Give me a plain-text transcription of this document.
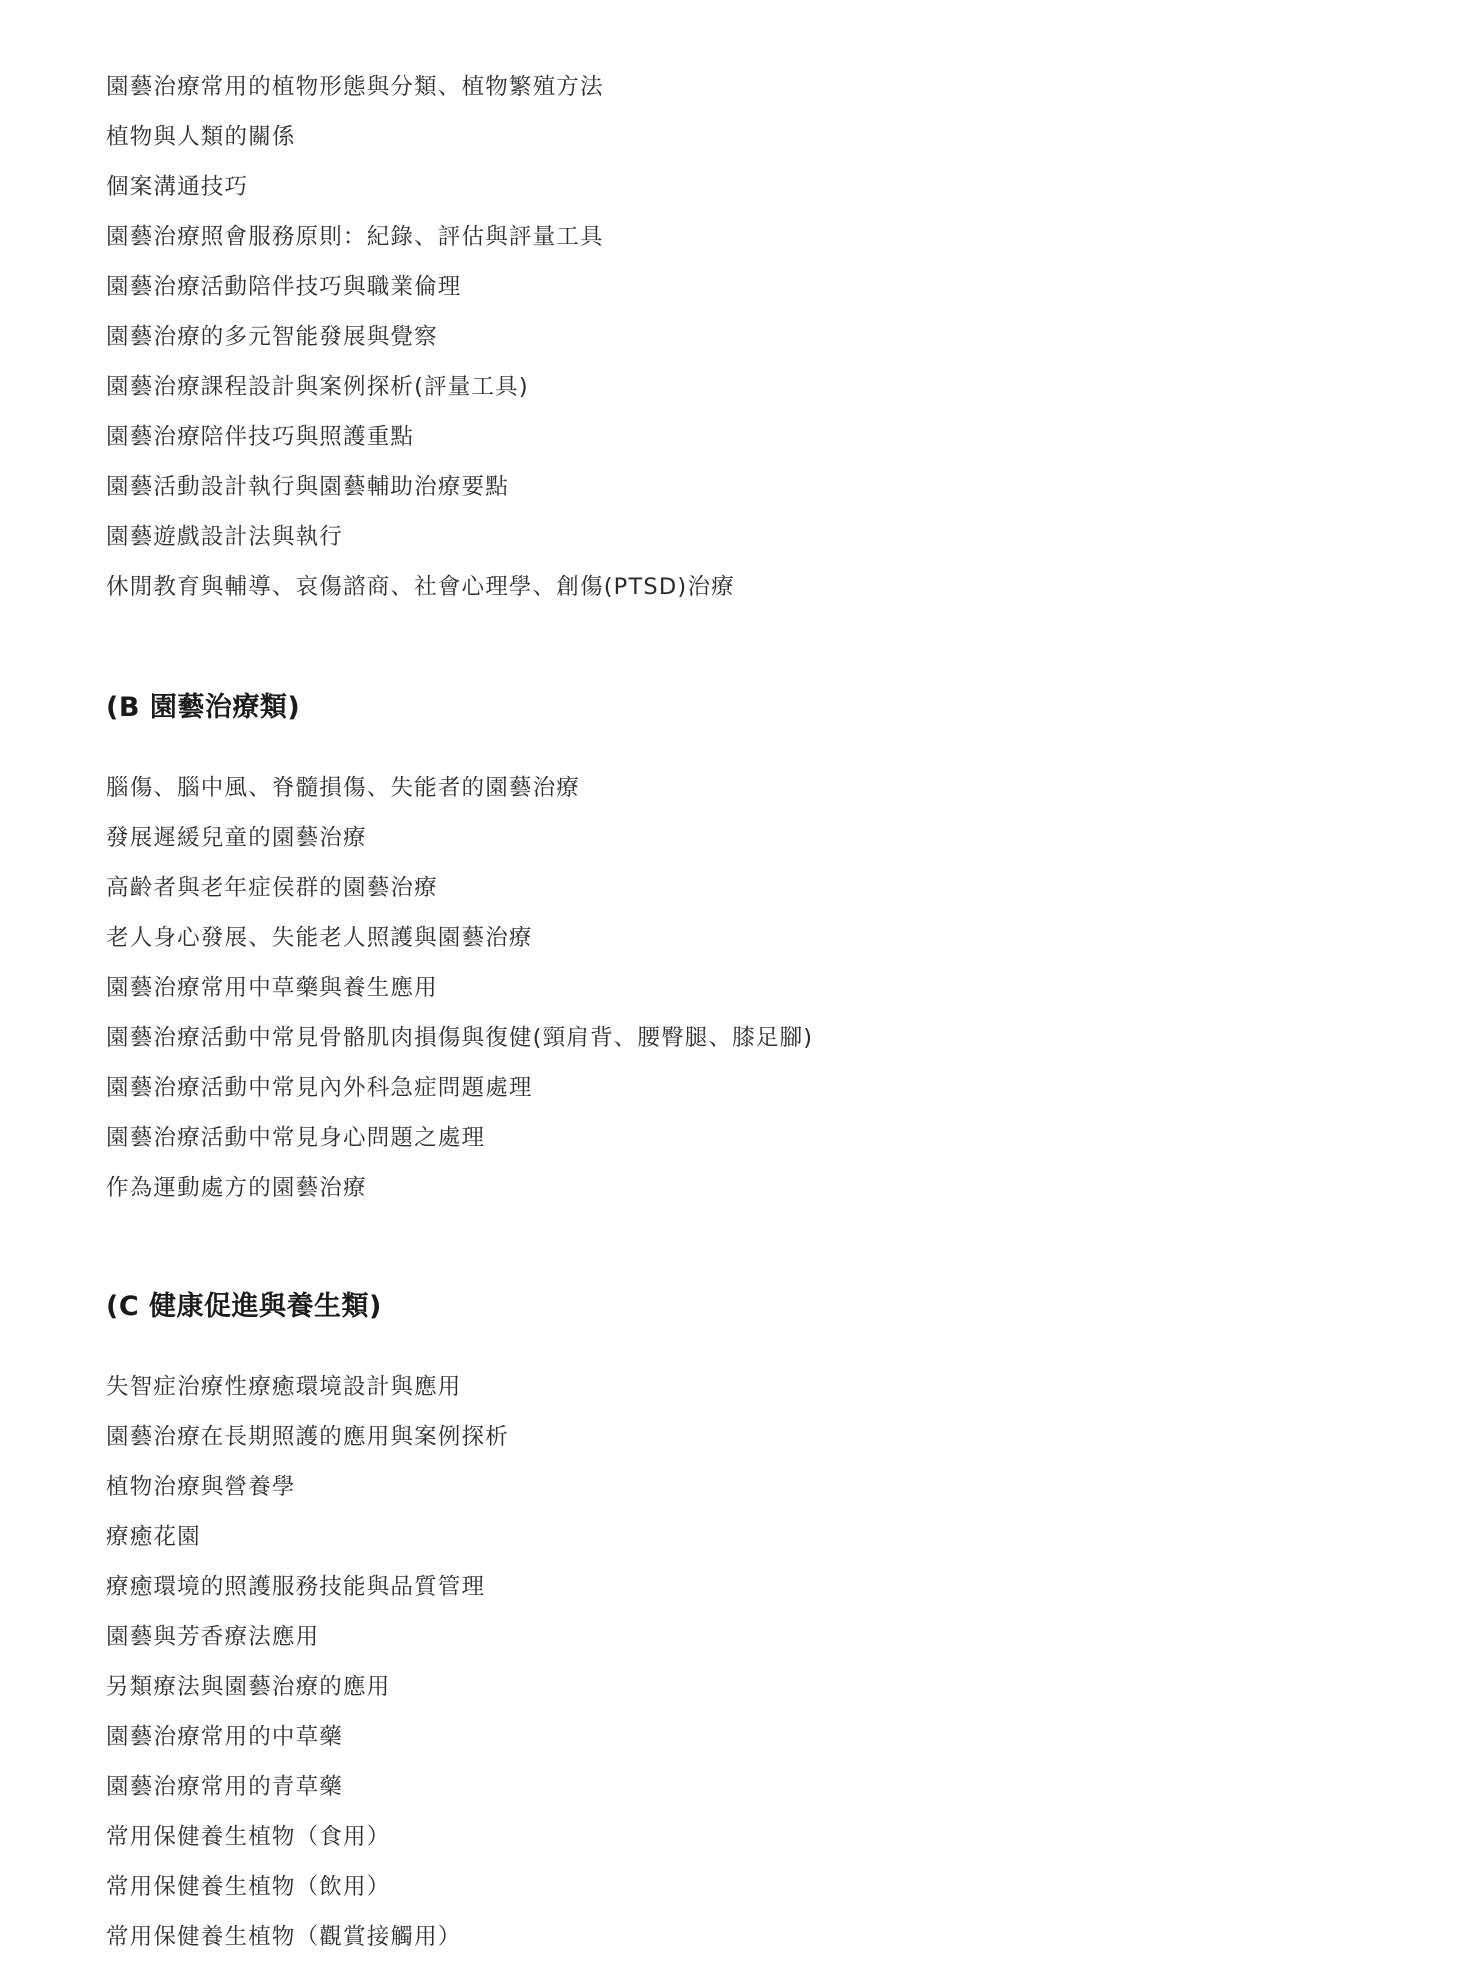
園藝治療常用的植物形態與分類、植物繁殖方法
植物與人類的關係
個案溝通技巧
園藝治療照會服務原則：紀錄、評估與評量工具
園藝治療活動陪伴技巧與職業倫理
園藝治療的多元智能發展與覺察
園藝治療課程設計與案例探析(評量工具)
園藝治療陪伴技巧與照護重點
園藝活動設計執行與園藝輔助治療要點
園藝遊戲設計法與執行
休閒教育與輔導、哀傷諮商、社會心理學、創傷(PTSD)治療
(B 園藝治療類)
腦傷、腦中風、脊髓損傷、失能者的園藝治療
發展遲緩兒童的園藝治療
高齡者與老年症侯群的園藝治療
老人身心發展、失能老人照護與園藝治療
園藝治療常用中草藥與養生應用
園藝治療活動中常見骨骼肌肉損傷與復健(頸肩背、腰臀腿、膝足腳)
園藝治療活動中常見內外科急症問題處理
園藝治療活動中常見身心問題之處理
作為運動處方的園藝治療
(C 健康促進與養生類)
失智症治療性療癒環境設計與應用
園藝治療在長期照護的應用與案例探析
植物治療與營養學
療癒花園
療癒環境的照護服務技能與品質管理
園藝與芳香療法應用
另類療法與園藝治療的應用
園藝治療常用的中草藥
園藝治療常用的青草藥
常用保健養生植物（食用）
常用保健養生植物（飲用）
常用保健養生植物（觀賞接觸用）
